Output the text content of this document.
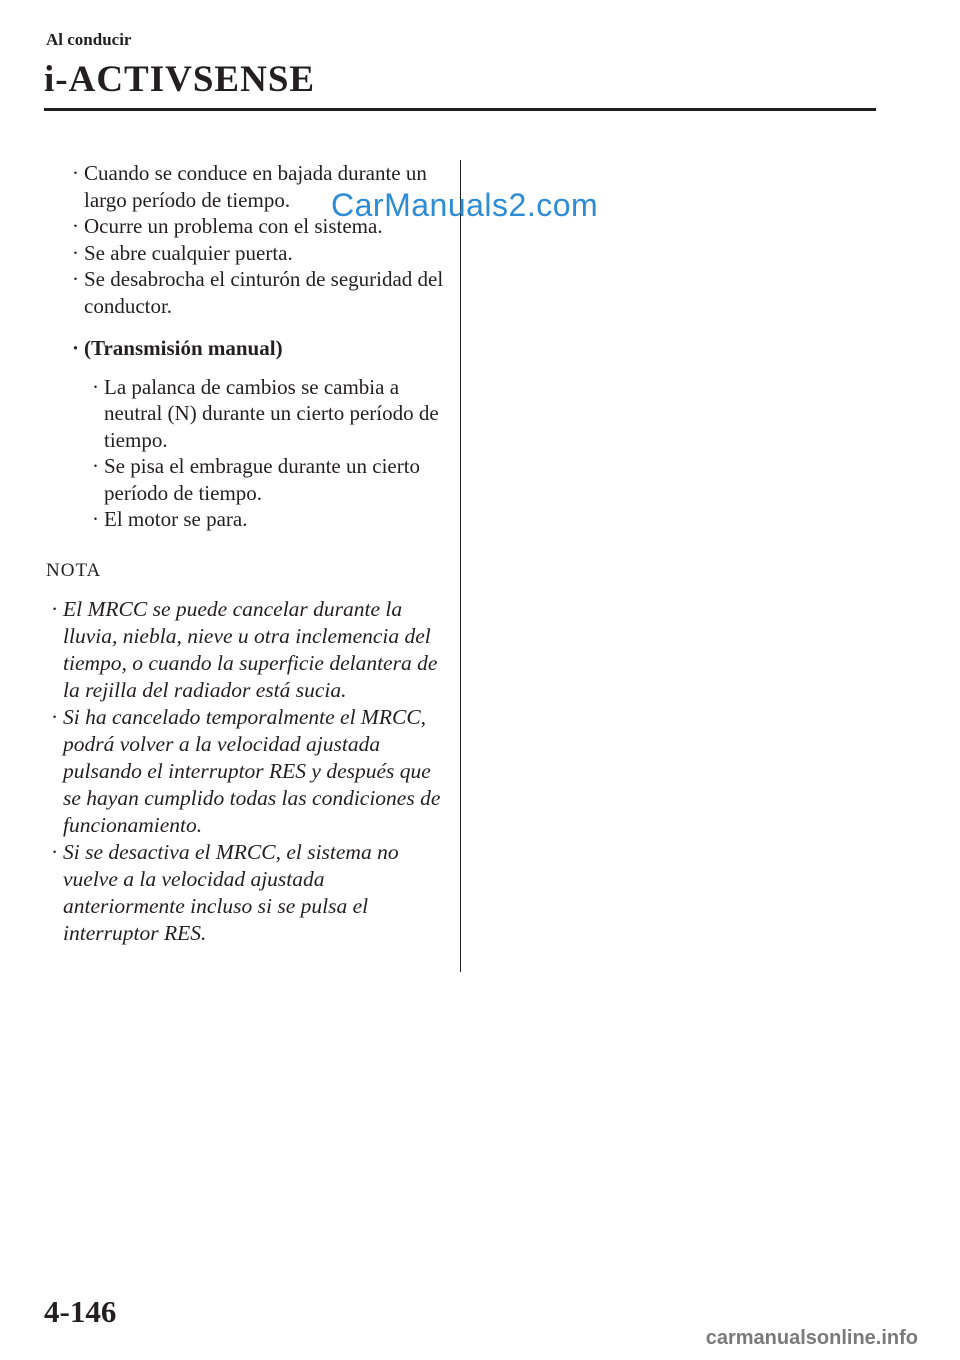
Al conducir
i-ACTIVSENSE
· Cuando se conduce en bajada durante un largo período de tiempo.
· Ocurre un problema con el sistema.
· Se abre cualquier puerta.
· Se desabrocha el cinturón de seguridad del conductor.
· (Transmisión manual)
· La palanca de cambios se cambia a neutral (N) durante un cierto período de tiempo.
· Se pisa el embrague durante un cierto período de tiempo.
· El motor se para.
NOTA
· El MRCC se puede cancelar durante la lluvia, niebla, nieve u otra inclemencia del tiempo, o cuando la superficie delantera de la rejilla del radiador está sucia.
· Si ha cancelado temporalmente el MRCC, podrá volver a la velocidad ajustada pulsando el interruptor RES y después que se hayan cumplido todas las condiciones de funcionamiento.
· Si se desactiva el MRCC, el sistema no vuelve a la velocidad ajustada anteriormente incluso si se pulsa el interruptor RES.
CarManuals2.com
4-146
carmanualsonline.info
